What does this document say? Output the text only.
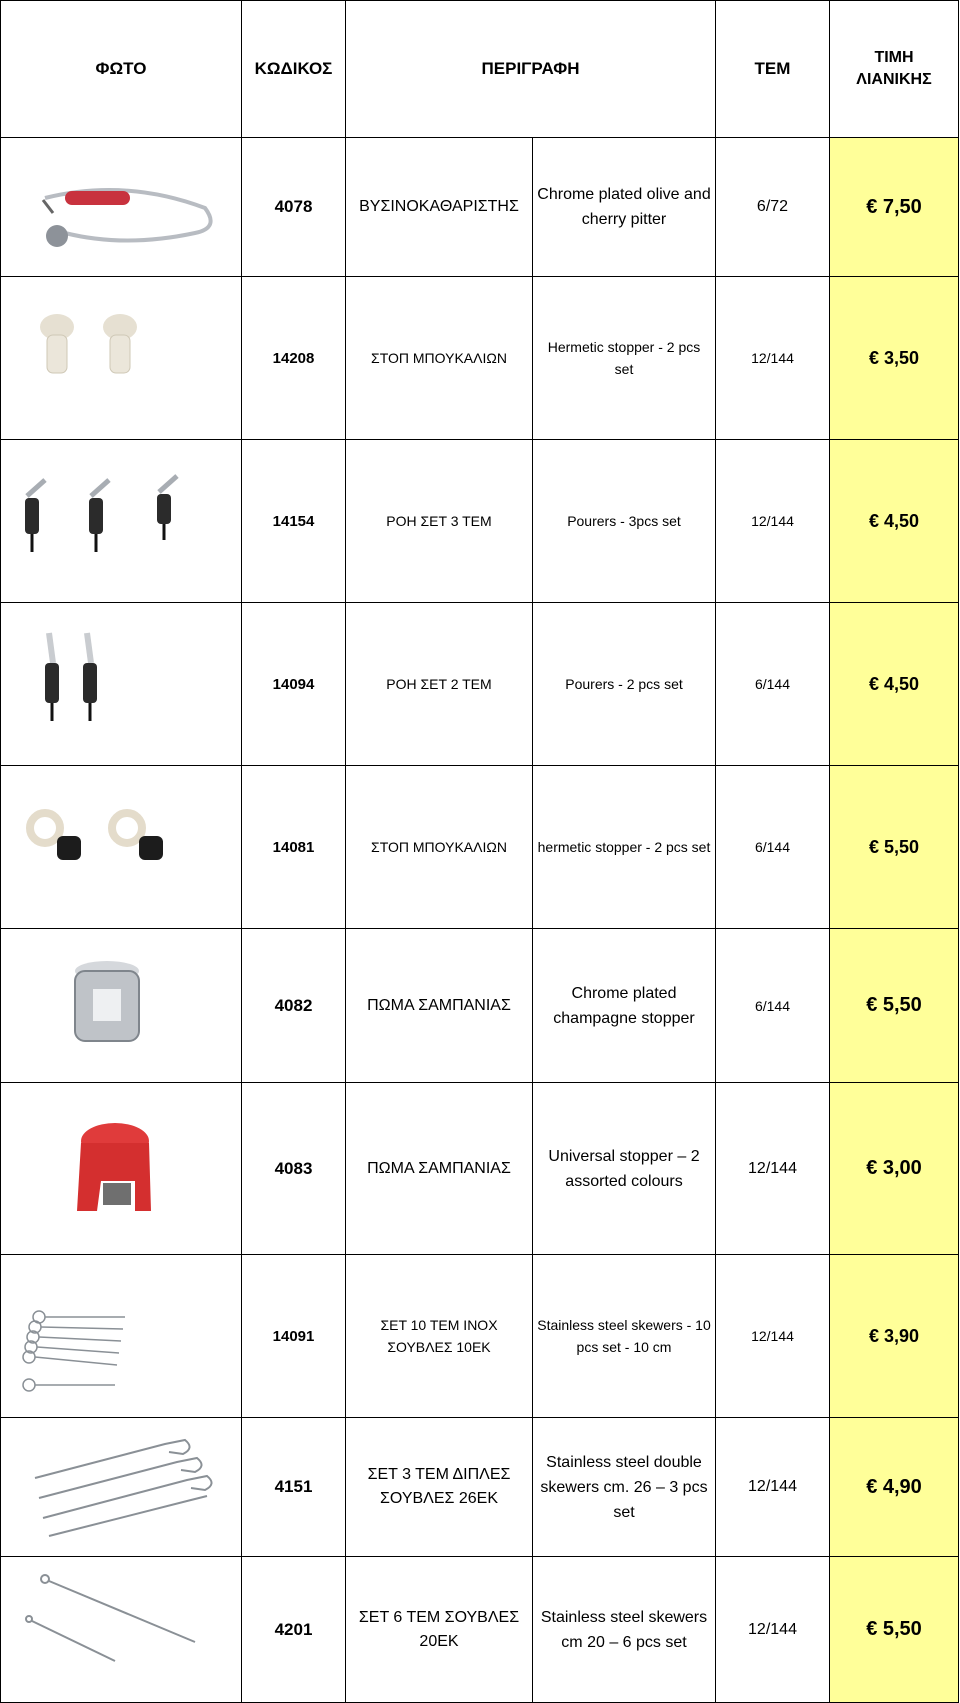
ΦΩΤΟ	ΚΩΔΙΚΟΣ	ΠΕΡΙΓΡΑΦΗ		ΤΕΜ	ΤΙΜΗ
ΛΙΑΝΙΚΗΣ

	4078	ΒΥΣΙΝΟΚΑΘΑΡΙΣΤΗΣ	Chrome plated olive and cherry pitter	6/72	€ 7,50

	14208	ΣΤΟΠ ΜΠΟΥΚΑΛΙΩΝ	Hermetic stopper - 2 pcs set	12/144	€ 3,50

	14154	ΡΟΗ ΣΕΤ 3 ΤΕΜ	Pourers - 3pcs set	12/144	€ 4,50

	14094	ΡΟΗ ΣΕΤ 2 ΤΕΜ	Pourers - 2 pcs set	6/144	€ 4,50

	14081	ΣΤΟΠ ΜΠΟΥΚΑΛΙΩΝ	hermetic stopper - 2 pcs set	6/144	€ 5,50

	4082	ΠΩΜΑ ΣΑΜΠΑΝΙΑΣ	Chrome plated champagne stopper	6/144	€ 5,50

	4083	ΠΩΜΑ ΣΑΜΠΑΝΙΑΣ	Universal stopper – 2 assorted colours	12/144	€ 3,00

	14091	ΣΕΤ 10 ΤΕΜ ΙΝΟΧ ΣΟΥΒΛΕΣ 10ΕΚ	Stainless steel skewers - 10 pcs set - 10 cm	12/144	€ 3,90

	4151	ΣΕΤ 3 ΤΕΜ ΔΙΠΛΕΣ ΣΟΥΒΛΕΣ 26ΕΚ	Stainless steel double skewers cm. 26 – 3 pcs set	12/144	€ 4,90

	4201	ΣΕΤ 6 ΤΕΜ ΣΟΥΒΛΕΣ 20ΕΚ	Stainless steel skewers cm 20 – 6 pcs set	12/144	€ 5,50
